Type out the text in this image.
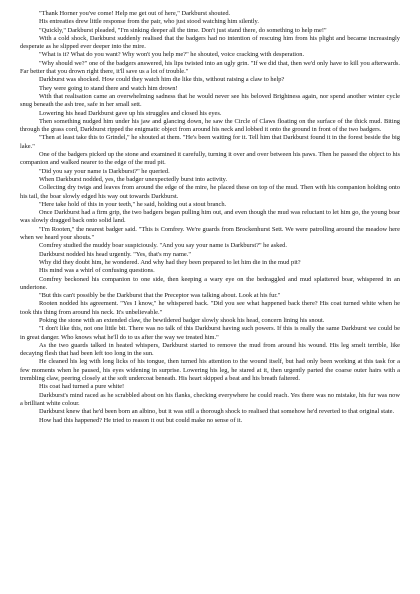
"Thank Horner you've come! Help me get out of here," Darkburst shouted.

His entreaties drew little response from the pair, who just stood watching him silently.

"Quickly," Darkburst pleaded, "I'm sinking deeper all the time. Don't just stand there, do something to help me!"

With a cold shock, Darkburst suddenly realised that the badgers had no intention of rescuing him from his plight and became increasingly desperate as he slipped ever deeper into the mire.

"What is it? What do you want? Why won't you help me?" he shouted, voice cracking with desperation.

"Why should we?" one of the badgers answered, his lips twisted into an ugly grin. "If we did that, then we'd only have to kill you afterwards. Far better that you drown right there, it'll save us a lot of trouble."

Darkburst was shocked. How could they watch him die like this, without raising a claw to help?

They were going to stand there and watch him drown!

With that realisation came an overwhelming sadness that he would never see his beloved Brightness again, nor spend another winter cycle snug beneath the ash tree, safe in her small sett.

Lowering his head Darkburst gave up his struggles and closed his eyes.

Then something nudged him under his jaw and glancing down, he saw the Circle of Claws floating on the surface of the thick mud. Biting through the grass cord, Darkburst ripped the enigmatic object from around his neck and lobbed it onto the ground in front of the two badgers.

"Then at least take this to Grindel," he shouted at them. "He's been waiting for it. Tell him that Darkburst found it in the forest beside the big lake."

One of the badgers picked up the stone and examined it carefully, turning it over and over between his paws. Then he passed the object to his companion and walked nearer to the edge of the mud pit.

"Did you say your name is Darkburst?" he queried.

When Darkburst nodded, yes, the badger unexpectedly burst into activity.

Collecting dry twigs and leaves from around the edge of the mire, he placed these on top of the mud. Then with his companion holding onto his tail, the boar slowly edged his way out towards Darkburst.

"Here take hold of this in your teeth," he said, holding out a stout branch.

Once Darkburst had a firm grip, the two badgers began pulling him out, and even though the mud was reluctant to let him go, the young boar was slowly dragged back onto solid land.

"I'm Rooten," the nearest badger said. "This is Comfrey. We're guards from Brockenhurst Sett. We were patrolling around the meadow here when we heard your shouts."

Comfrey studied the muddy boar suspiciously. "And you say your name is Darkburst?" he asked.

Darkburst nodded his head urgently. "Yes, that's my name."

Why did they doubt him, he wondered. And why had they been prepared to let him die in the mud pit?

His mind was a whirl of confusing questions.

Comfrey beckoned his companion to one side, then keeping a wary eye on the bedraggled and mud splattered boar, whispered in an undertone.

"But this can't possibly be the Darkburst that the Preceptor was talking about. Look at his fur."

Rooten nodded his agreement. "Yes I know," he whispered back. "Did you see what happened back there? His coat turned white when he took this thing from around his neck. It's unbelievable."

Poking the stone with an extended claw, the bewildered badger slowly shook his head, concern lining his snout.

"I don't like this, not one little bit. There was no talk of this Darkburst having such powers. If this is really the same Darkburst we could be in great danger. Who knows what he'll do to us after the way we treated him."

As the two guards talked in heated whispers, Darkburst started to remove the mud from around his wound. His leg smelt terrible, like decaying flesh that had been left too long in the sun.

He cleaned his leg with long licks of his tongue, then turned his attention to the wound itself, but had only been working at this task for a few moments when he paused, his eyes widening in surprise. Lowering his leg, he stared at it, then urgently parted the coarse outer hairs with a trembling claw, peering closely at the soft undercoat beneath. His heart skipped a beat and his breath faltered.

His coat had turned a pure white!

Darkburst's mind raced as he scrabbled about on his flanks, checking everywhere he could reach. Yes there was no mistake, his fur was now a brilliant white colour.

Darkburst knew that he'd been born an albino, but it was still a thorough shock to realised that somehow he'd reverted to that original state.

How had this happened? He tried to reason it out but could make no sense of it.
